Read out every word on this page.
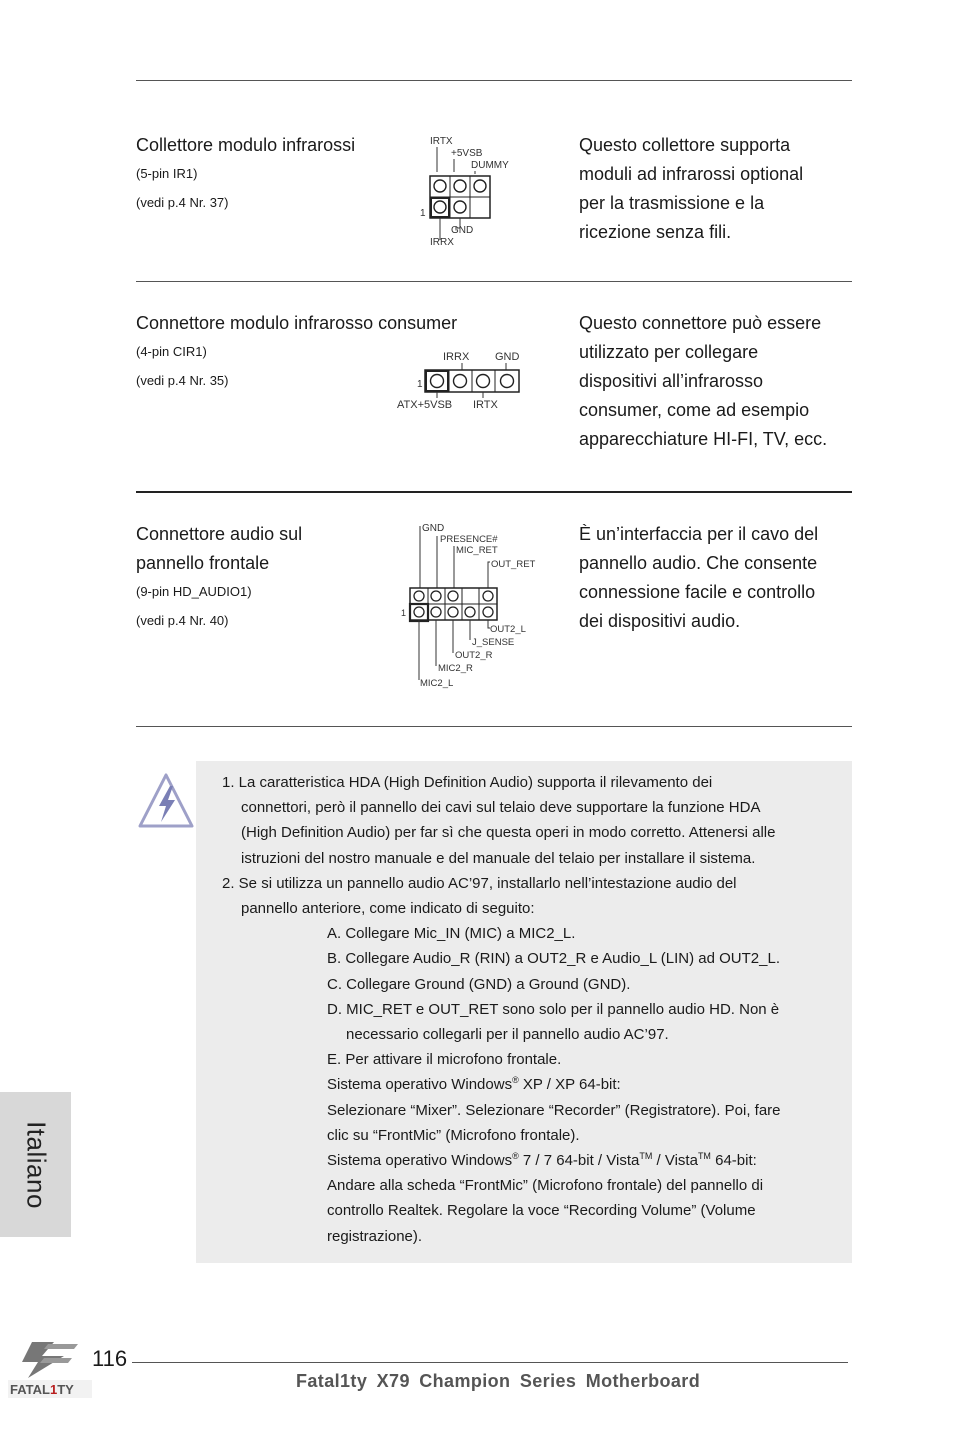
Collettore modulo infrarossi
(5-pin IR1)
(vedi p.4 Nr. 37)
IRTX
+5VSB
DUMMY
1
GND
IRRX
Questo collettore supporta
moduli ad infrarossi optional
per la trasmissione e la
ricezione senza fili.
Connettore modulo infrarosso consumer
(4-pin CIR1)
(vedi p.4 Nr. 35)
IRRX GND
1
ATX+5VSB IRTX
Questo connettore può essere
utilizzato per collegare
dispositivi all’infrarosso
consumer, come ad esempio
apparecchiature HI-FI, TV, ecc.
Connettore audio sul
pannello frontale
(9-pin HD_AUDIO1)
(vedi p.4 Nr. 40)
GND
PRESENCE#
MIC_RET
OUT_RET
1
OUT2_L
J_SENSE
OUT2_R
MIC2_R
MIC2_L
È un’interfaccia per il cavo del
pannello audio. Che consente
connessione facile e controllo
dei dispositivi audio.
1. La caratteristica HDA (High Definition Audio) supporta il rilevamento dei
connettori, però il pannello dei cavi sul telaio deve supportare la funzione HDA
(High Definition Audio) per far sì che questa operi in modo corretto. Attenersi alle
istruzioni del nostro manuale e del manuale del telaio per installare il sistema.
2. Se si utilizza un pannello audio AC’97, installarlo nell’intestazione audio del
pannello anteriore, come indicato di seguito:
A. Collegare Mic_IN (MIC) a MIC2_L.
B. Collegare Audio_R (RIN) a OUT2_R e Audio_L (LIN) ad OUT2_L.
C. Collegare Ground (GND) a Ground (GND).
D. MIC_RET e OUT_RET sono solo per il pannello audio HD. Non è
necessario collegarli per il pannello audio AC’97.
E. Per attivare il microfono frontale.
Sistema operativo Windows® XP / XP 64-bit:
Selezionare “Mixer”. Selezionare “Recorder” (Registratore). Poi, fare
clic su “FrontMic” (Microfono frontale).
Sistema operativo Windows® 7 / 7 64-bit / Vista™ / Vista™ 64-bit:
Andare alla scheda “FrontMic” (Microfono frontale) del pannello di
controllo Realtek. Regolare la voce “Recording Volume” (Volume
registrazione).
Italiano
FATAL1TY
116
Fatal1ty X79 Champion Series Motherboard
